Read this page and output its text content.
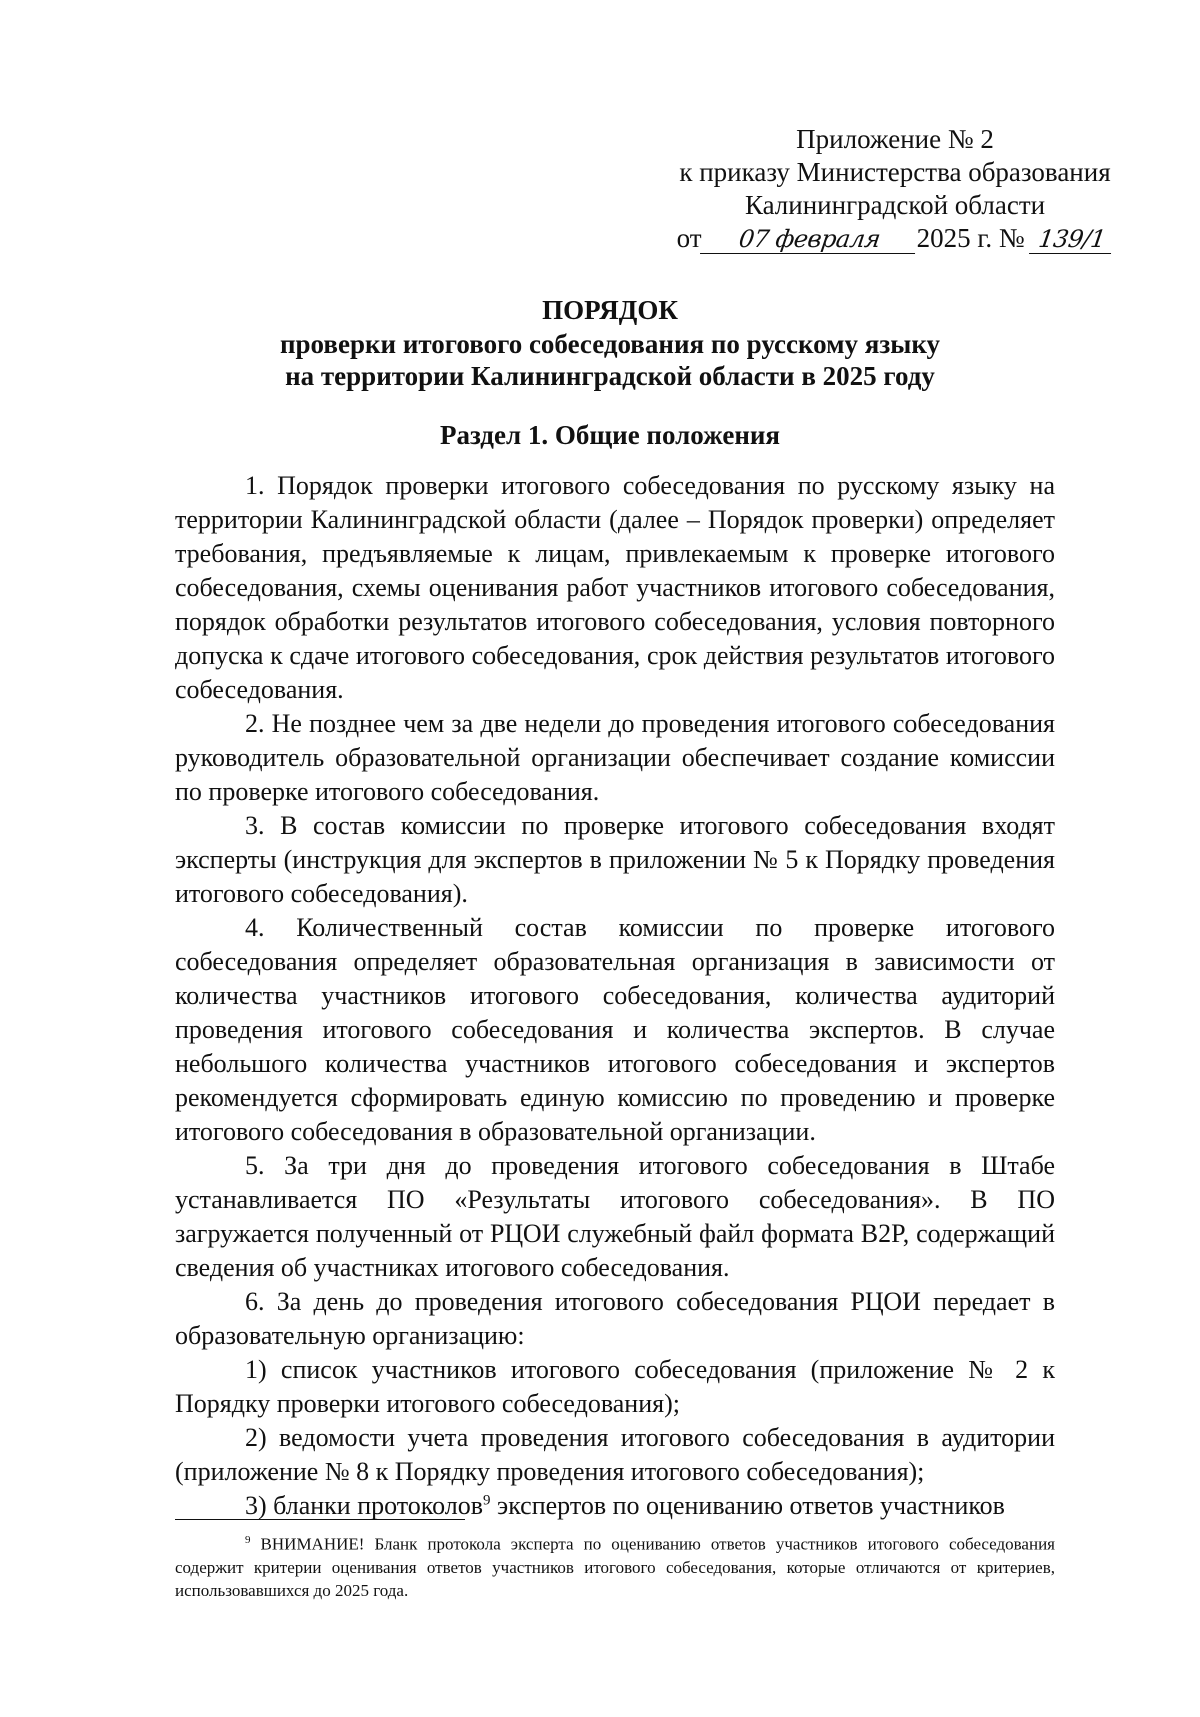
Приложение № 2
к приказу Министерства образования
Калининградской области
от 07 февраля 2025 г. № 139/1
ПОРЯДОК
проверки итогового собеседования по русскому языку
на территории Калининградской области в 2025 году
Раздел 1. Общие положения

1. Порядок проверки итогового собеседования по русскому языку на территории Калининградской области (далее – Порядок проверки) определяет требования, предъявляемые к лицам, привлекаемым к проверке итогового собеседования, схемы оценивания работ участников итогового собеседования, порядок обработки результатов итогового собеседования, условия повторного допуска к сдаче итогового собеседования, срок действия результатов итогового собеседования.

2. Не позднее чем за две недели до проведения итогового собеседования руководитель образовательной организации обеспечивает создание комиссии по проверке итогового собеседования.

3. В состав комиссии по проверке итогового собеседования входят эксперты (инструкция для экспертов в приложении № 5 к Порядку проведения итогового собеседования).

4. Количественный состав комиссии по проверке итогового собеседования определяет образовательная организация в зависимости от количества участников итогового собеседования, количества аудиторий проведения итогового собеседования и количества экспертов. В случае небольшого количества участников итогового собеседования и экспертов рекомендуется сформировать единую комиссию по проведению и проверке итогового собеседования в образовательной организации.

5. За три дня до проведения итогового собеседования в Штабе устанавливается ПО «Результаты итогового собеседования». В ПО загружается полученный от РЦОИ служебный файл формата B2P, содержащий сведения об участниках итогового собеседования.

6. За день до проведения итогового собеседования РЦОИ передает в образовательную организацию:

1) список участников итогового собеседования (приложение № 2 к Порядку проверки итогового собеседования);

2) ведомости учета проведения итогового собеседования в аудитории (приложение № 8 к Порядку проведения итогового собеседования);

3) бланки протоколов$^9$ экспертов по оцениванию ответов участников

$^9$ ВНИМАНИЕ! Бланк протокола эксперта по оцениванию ответов участников итогового собеседования содержит критерии оценивания ответов участников итогового собеседования, которые отличаются от критериев, использовавшихся до 2025 года.
